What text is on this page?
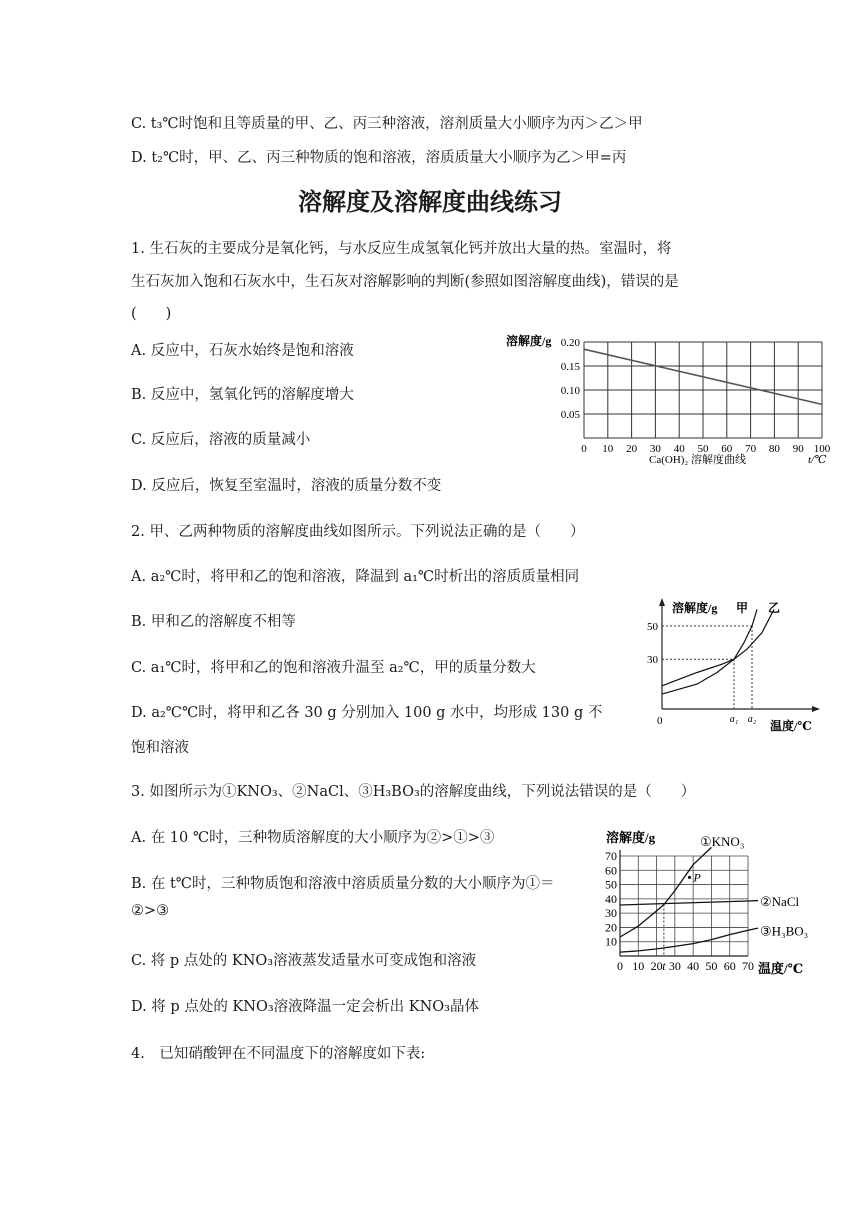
C. t₃℃时饱和且等质量的甲、乙、丙三种溶液，溶剂质量大小顺序为丙＞乙＞甲
D. t₂℃时，甲、乙、丙三种物质的饱和溶液，溶质质量大小顺序为乙＞甲=丙
溶解度及溶解度曲线练习
1. 生石灰的主要成分是氧化钙，与水反应生成氢氧化钙并放出大量的热。室温时，将
生石灰加入饱和石灰水中，生石灰对溶解影响的判断(参照如图溶解度曲线)，错误的是
(　　)
A. 反应中，石灰水始终是饱和溶液
B. 反应中，氢氧化钙的溶解度增大
C. 反应后，溶液的质量减小
D. 反应后，恢复至室温时，溶液的质量分数不变
溶解度/g
Ca(OH)₂ 溶解度曲线	t/℃
0 10 20 30 40 50 60 70 80 90 100
0.05
0.10
0.15
0.20
2. 甲、乙两种物质的溶解度曲线如图所示。下列说法正确的是（　　）
A. a₂℃时，将甲和乙的饱和溶液，降温到 a₁℃时析出的溶质质量相同
B. 甲和乙的溶解度不相等
C. a₁℃时，将甲和乙的饱和溶液升温至 a₂℃，甲的质量分数大
D. a₂℃℃时，将甲和乙各 30 g 分别加入 100 g 水中，均形成 130 g 不
饱和溶液
溶解度/g 甲 乙
0	温度/℃
30
50
a₁ a₂
3. 如图所示为①KNO₃、②NaCl、③H₃BO₃的溶解度曲线，下列说法错误的是（　　）
A. 在 10 ℃时，三种物质溶解度的大小顺序为②>①>③
B. 在 t℃时，三种物质饱和溶液中溶质质量分数的大小顺序为①＝
②>③
C. 将 p 点处的 KNO₃溶液蒸发适量水可变成饱和溶液
D. 将 p 点处的 KNO₃溶液降温一定会析出 KNO₃晶体
溶解度/g
温度/℃
10
20
30
40
50
60
70
0 10 20 t 30 40 50 60 70
①KNO₃
②NaCl
③H₃BO₃
P
4.　已知硝酸钾在不同温度下的溶解度如下表:
